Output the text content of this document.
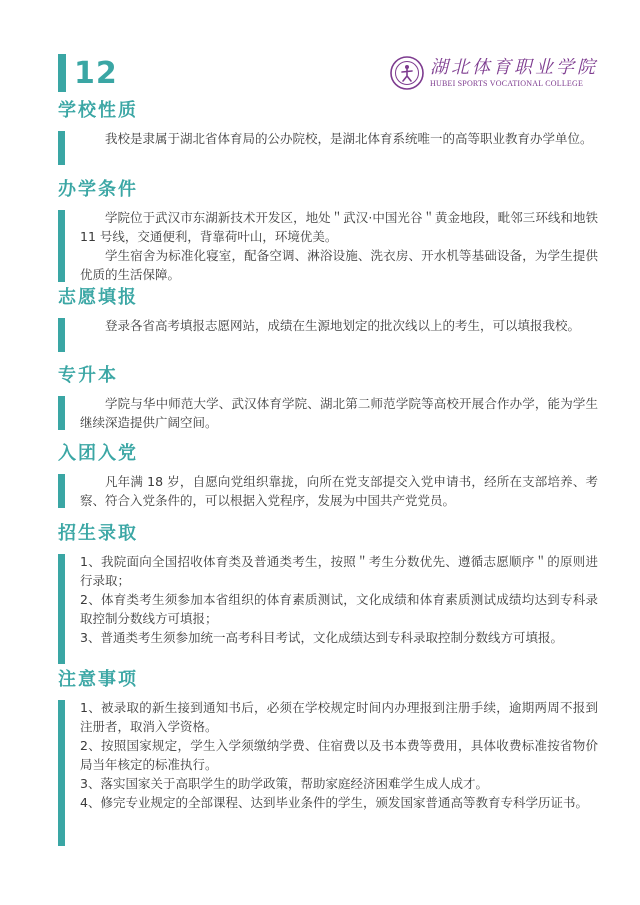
12	湖北体育职业学院
HUBEI SPORTS VOCATIONAL COLLEGE
学校性质

我校是隶属于湖北省体育局的公办院校，是湖北体育系统唯一的高等职业教育办学单位。

办学条件

学院位于武汉市东湖新技术开发区，地处＂武汉·中国光谷＂黄金地段，毗邻三环线和地铁 11 号线，交通便利，背靠荷叶山，环境优美。

学生宿舍为标准化寝室，配备空调、淋浴设施、洗衣房、开水机等基础设备，为学生提供优质的生活保障。

志愿填报

登录各省高考填报志愿网站，成绩在生源地划定的批次线以上的考生，可以填报我校。

专升本

学院与华中师范大学、武汉体育学院、湖北第二师范学院等高校开展合作办学，能为学生继续深造提供广阔空间。

入团入党

凡年满 18 岁，自愿向党组织靠拢，向所在党支部提交入党申请书，经所在支部培养、考察、符合入党条件的，可以根据入党程序，发展为中国共产党党员。

招生录取

1、我院面向全国招收体育类及普通类考生，按照＂考生分数优先、遵循志愿顺序＂的原则进行录取；

2、体育类考生须参加本省组织的体育素质测试，文化成绩和体育素质测试成绩均达到专科录取控制分数线方可填报；

3、普通类考生须参加统一高考科目考试，文化成绩达到专科录取控制分数线方可填报。

注意事项

1、被录取的新生接到通知书后，必须在学校规定时间内办理报到注册手续，逾期两周不报到注册者，取消入学资格。

2、按照国家规定，学生入学须缴纳学费、住宿费以及书本费等费用，具体收费标准按省物价局当年核定的标准执行。

3、落实国家关于高职学生的助学政策，帮助家庭经济困难学生成人成才。

4、修完专业规定的全部课程、达到毕业条件的学生，颁发国家普通高等教育专科学历证书。
